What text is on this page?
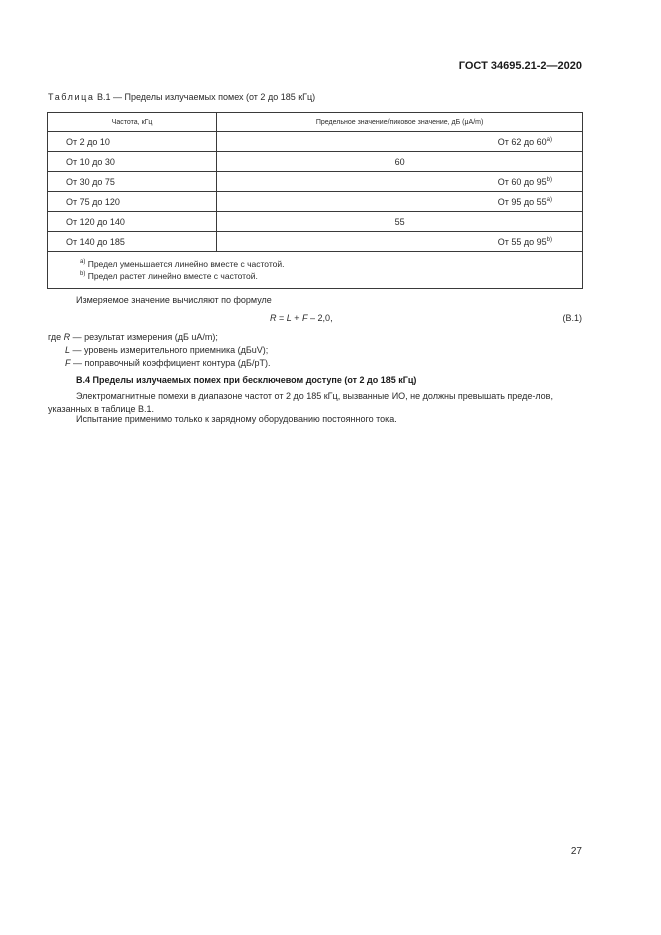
ГОСТ 34695.21-2—2020
Таблица В.1 — Пределы излучаемых помех (от 2 до 185 кГц)
Частота, кГц	Предельное значение/пиковое значение, дБ (μA/m)
От 2 до 10	От 62 до 60$^{a)}$
От 10 до 30	60
От 30 до 75	От 60 до 95$^{b)}$
От 75 до 120	От 95 до 55$^{a)}$
От 120 до 140	55
От 140 до 185	От 55 до 95$^{b)}$

$^{a)}$ Предел уменьшается линейно вместе с частотой.
$^{b)}$ Предел растет линейно вместе с частотой.	
Измеряемое значение вычисляют по формуле
R = L + F – 2,0,	(В.1)
где R — результат измерения (дБ uA/m);
L — уровень измерительного приемника (дБuV);
F — поправочный коэффициент контура (дБ/pT).
В.4 Пределы излучаемых помех при бесключевом доступе (от 2 до 185 кГц)
Электромагнитные помехи в диапазоне частот от 2 до 185 кГц, вызванные ИО, не должны превышать преде-лов, указанных в таблице В.1.
Испытание применимо только к зарядному оборудованию постоянного тока.
27
